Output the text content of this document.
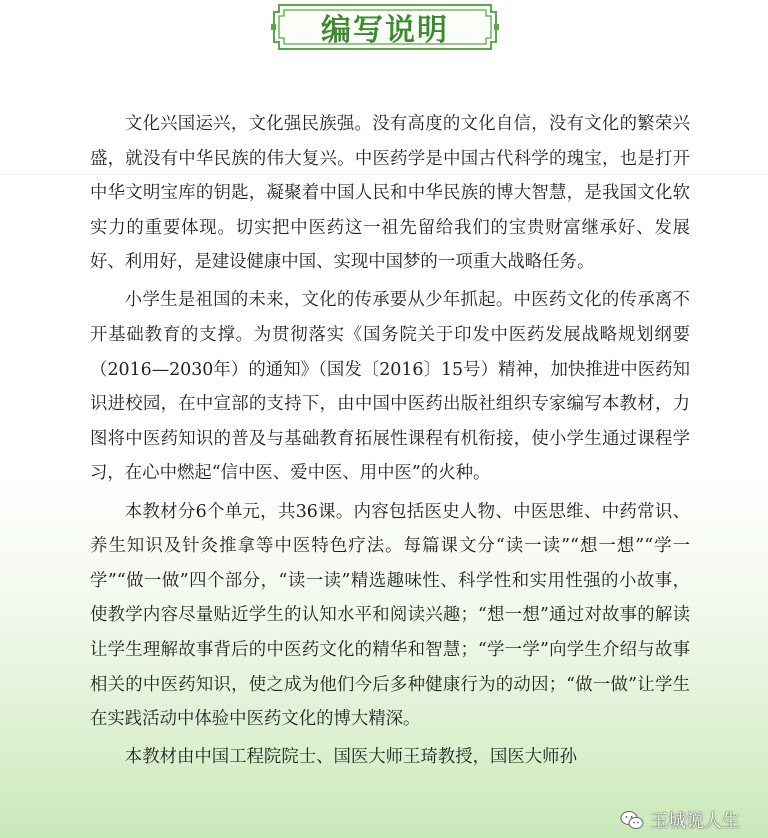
编写说明

文化兴国运兴，文化强民族强。没有高度的文化自信，没有文化的繁荣兴盛，就没有中华民族的伟大复兴。中医药学是中国古代科学的瑰宝，也是打开中华文明宝库的钥匙，凝聚着中国人民和中华民族的博大智慧，是我国文化软实力的重要体现。切实把中医药这一祖先留给我们的宝贵财富继承好、发展好、利用好，是建设健康中国、实现中国梦的一项重大战略任务。

小学生是祖国的未来，文化的传承要从少年抓起。中医药文化的传承离不开基础教育的支撑。为贯彻落实《国务院关于印发中医药发展战略规划纲要（2016—2030年）的通知》（国发〔2016〕15号）精神，加快推进中医药知识进校园，在中宣部的支持下，由中国中医药出版社组织专家编写本教材，力图将中医药知识的普及与基础教育拓展性课程有机衔接，使小学生通过课程学习，在心中燃起“信中医、爱中医、用中医”的火种。

本教材分6个单元，共36课。内容包括医史人物、中医思维、中药常识、养生知识及针灸推拿等中医特色疗法。每篇课文分“读一读”“想一想”“学一学”“做一做”四个部分，“读一读”精选趣味性、科学性和实用性强的小故事，使教学内容尽量贴近学生的认知水平和阅读兴趣；“想一想”通过对故事的解读让学生理解故事背后的中医药文化的精华和智慧；“学一学”向学生介绍与故事相关的中医药知识，使之成为他们今后多种健康行为的动因；“做一做”让学生在实践活动中体验中医药文化的博大精深。

本教材由中国工程院院士、国医大师王琦教授，国医大师孙

玉城说人生
